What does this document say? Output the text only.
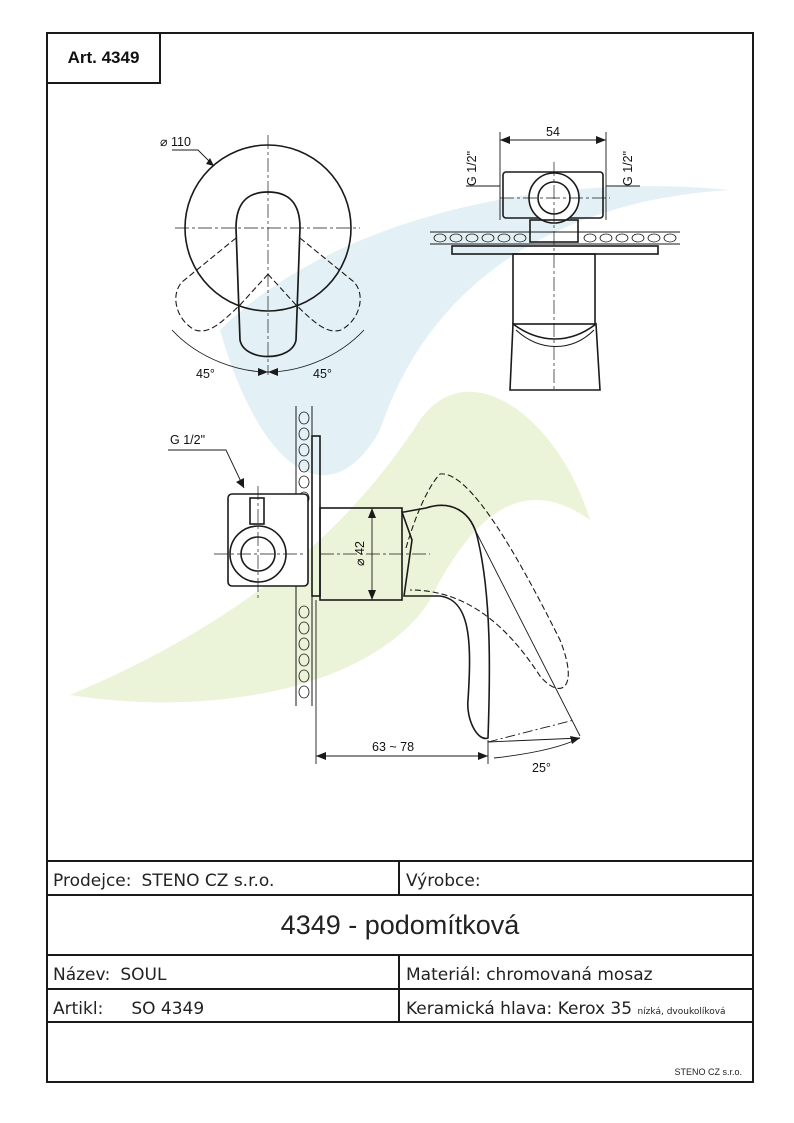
⌀ 110
45°	45°
54
G 1/2"	G 1/2"
G 1/2"
⌀ 42
63 ~ 78
25°
Art. 4349
Prodejce: STENO CZ s.r.o.	Výrobce:
4349 - podomítková
Název: SOUL	Materiál: chromovaná mosaz
Artikl: SO 4349	Keramická hlava: Kerox 35 nízká, dvoukolíková
STENO CZ s.r.o.
